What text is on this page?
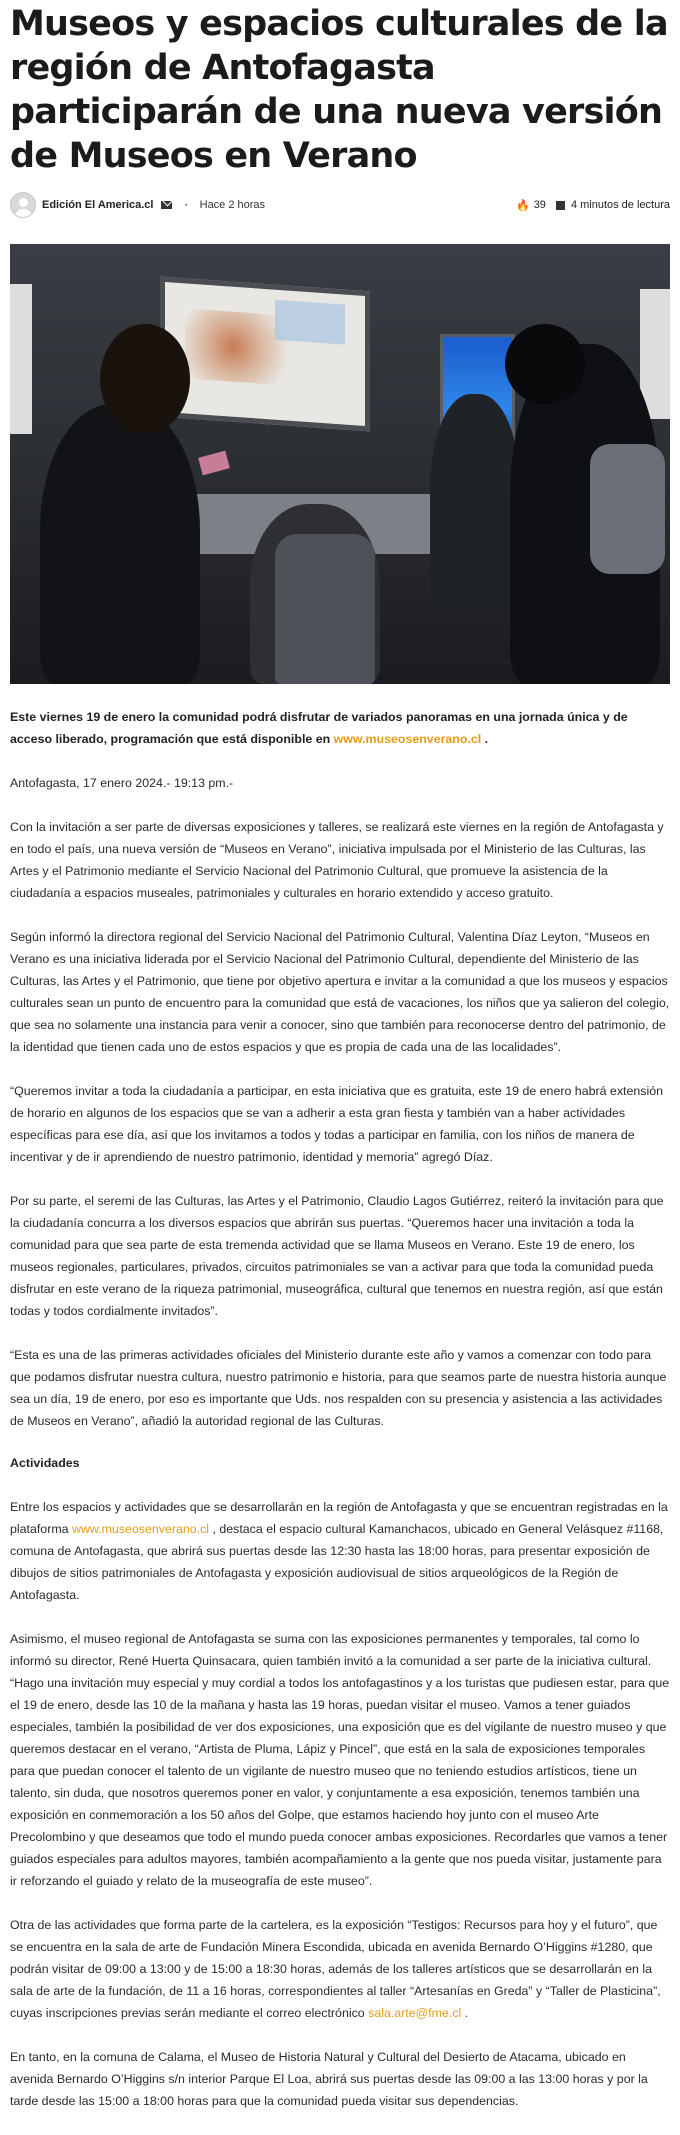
Museos y espacios culturales de la región de Antofagasta participarán de una nueva versión de Museos en Verano
Edición El America.cl	• Hace 2 horas	🔥 39 4 minutos de lectura

Este viernes 19 de enero la comunidad podrá disfrutar de variados panoramas en una jornada única y de acceso liberado, programación que está disponible en www.museosenverano.cl .

Antofagasta, 17 enero 2024.- 19:13 pm.-

Con la invitación a ser parte de diversas exposiciones y talleres, se realizará este viernes en la región de Antofagasta y en todo el país, una nueva versión de “Museos en Verano”, iniciativa impulsada por el Ministerio de las Culturas, las Artes y el Patrimonio mediante el Servicio Nacional del Patrimonio Cultural, que promueve la asistencia de la ciudadanía a espacios museales, patrimoniales y culturales en horario extendido y acceso gratuito.

Según informó la directora regional del Servicio Nacional del Patrimonio Cultural, Valentina Díaz Leyton, “Museos en Verano es una iniciativa liderada por el Servicio Nacional del Patrimonio Cultural, dependiente del Ministerio de las Culturas, las Artes y el Patrimonio, que tiene por objetivo apertura e invitar a la comunidad a que los museos y espacios culturales sean un punto de encuentro para la comunidad que está de vacaciones, los niños que ya salieron del colegio, que sea no solamente una instancia para venir a conocer, sino que también para reconocerse dentro del patrimonio, de la identidad que tienen cada uno de estos espacios y que es propia de cada una de las localidades”.

“Queremos invitar a toda la ciudadanía a participar, en esta iniciativa que es gratuita, este 19 de enero habrá extensión de horario en algunos de los espacios que se van a adherir a esta gran fiesta y también van a haber actividades específicas para ese día, así que los invitamos a todos y todas a participar en familia, con los niños de manera de incentivar y de ir aprendiendo de nuestro patrimonio, identidad y memoria” agregó Díaz.

Por su parte, el seremi de las Culturas, las Artes y el Patrimonio, Claudio Lagos Gutiérrez, reiteró la invitación para que la ciudadanía concurra a los diversos espacios que abrirán sus puertas. “Queremos hacer una invitación a toda la comunidad para que sea parte de esta tremenda actividad que se llama Museos en Verano. Este 19 de enero, los museos regionales, particulares, privados, circuitos patrimoniales se van a activar para que toda la comunidad pueda disfrutar en este verano de la riqueza patrimonial, museográfica, cultural que tenemos en nuestra región, así que están todas y todos cordialmente invitados”.

“Esta es una de las primeras actividades oficiales del Ministerio durante este año y vamos a comenzar con todo para que podamos disfrutar nuestra cultura, nuestro patrimonio e historia, para que seamos parte de nuestra historia aunque sea un día, 19 de enero, por eso es importante que Uds. nos respalden con su presencia y asistencia a las actividades de Museos en Verano”, añadió la autoridad regional de las Culturas.

Actividades

Entre los espacios y actividades que se desarrollarán en la región de Antofagasta y que se encuentran registradas en la plataforma www.museosenverano.cl , destaca el espacio cultural Kamanchacos, ubicado en General Velásquez #1168, comuna de Antofagasta, que abrirá sus puertas desde las 12:30 hasta las 18:00 horas, para presentar exposición de dibujos de sitios patrimoniales de Antofagasta y exposición audiovisual de sitios arqueológicos de la Región de Antofagasta.

Asimismo, el museo regional de Antofagasta se suma con las exposiciones permanentes y temporales, tal como lo informó su director, René Huerta Quinsacara, quien también invitó a la comunidad a ser parte de la iniciativa cultural. “Hago una invitación muy especial y muy cordial a todos los antofagastinos y a los turistas que pudiesen estar, para que el 19 de enero, desde las 10 de la mañana y hasta las 19 horas, puedan visitar el museo. Vamos a tener guiados especiales, también la posibilidad de ver dos exposiciones, una exposición que es del vigilante de nuestro museo y que queremos destacar en el verano, “Artista de Pluma, Lápiz y Pincel”, que está en la sala de exposiciones temporales para que puedan conocer el talento de un vigilante de nuestro museo que no teniendo estudios artísticos, tiene un talento, sin duda, que nosotros queremos poner en valor, y conjuntamente a esa exposición, tenemos también una exposición en conmemoración a los 50 años del Golpe, que estamos haciendo hoy junto con el museo Arte Precolombino y que deseamos que todo el mundo pueda conocer ambas exposiciones. Recordarles que vamos a tener guiados especiales para adultos mayores, también acompañamiento a la gente que nos pueda visitar, justamente para ir reforzando el guiado y relato de la museografía de este museo”.

Otra de las actividades que forma parte de la cartelera, es la exposición “Testigos: Recursos para hoy y el futuro”, que se encuentra en la sala de arte de Fundación Minera Escondida, ubicada en avenida Bernardo O’Higgins #1280, que podrán visitar de 09:00 a 13:00 y de 15:00 a 18:30 horas, además de los talleres artísticos que se desarrollarán en la sala de arte de la fundación, de 11 a 16 horas, correspondientes al taller “Artesanías en Greda” y “Taller de Plasticina”, cuyas inscripciones previas serán mediante el correo electrónico sala.arte@fme.cl .

En tanto, en la comuna de Calama, el Museo de Historia Natural y Cultural del Desierto de Atacama, ubicado en avenida Bernardo O’Higgins s/n interior Parque El Loa, abrirá sus puertas desde las 09:00 a las 13:00 horas y por la tarde desde las 15:00 a 18:00 horas para que la comunidad pueda visitar sus dependencias.
